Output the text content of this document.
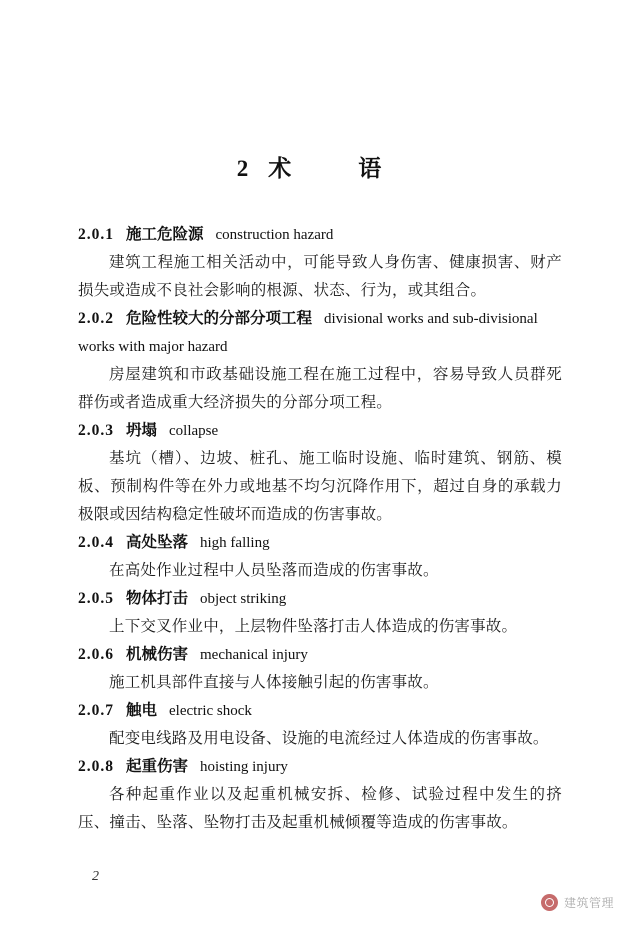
2 术　语
2.0.1 施工危险源 construction hazard
建筑工程施工相关活动中，可能导致人身伤害、健康损害、财产损失或造成不良社会影响的根源、状态、行为，或其组合。
2.0.2 危险性较大的分部分项工程 divisional works and sub-divisional works with major hazard
房屋建筑和市政基础设施工程在施工过程中，容易导致人员群死群伤或者造成重大经济损失的分部分项工程。
2.0.3 坍塌 collapse
基坑（槽）、边坡、桩孔、施工临时设施、临时建筑、钢筋、模板、预制构件等在外力或地基不均匀沉降作用下，超过自身的承载力极限或因结构稳定性破坏而造成的伤害事故。
2.0.4 高处坠落 high falling
在高处作业过程中人员坠落而造成的伤害事故。
2.0.5 物体打击 object striking
上下交叉作业中，上层物件坠落打击人体造成的伤害事故。
2.0.6 机械伤害 mechanical injury
施工机具部件直接与人体接触引起的伤害事故。
2.0.7 触电 electric shock
配变电线路及用电设备、设施的电流经过人体造成的伤害事故。
2.0.8 起重伤害 hoisting injury
各种起重作业以及起重机械安拆、检修、试验过程中发生的挤压、撞击、坠落、坠物打击及起重机械倾覆等造成的伤害事故。
2
建筑管理
